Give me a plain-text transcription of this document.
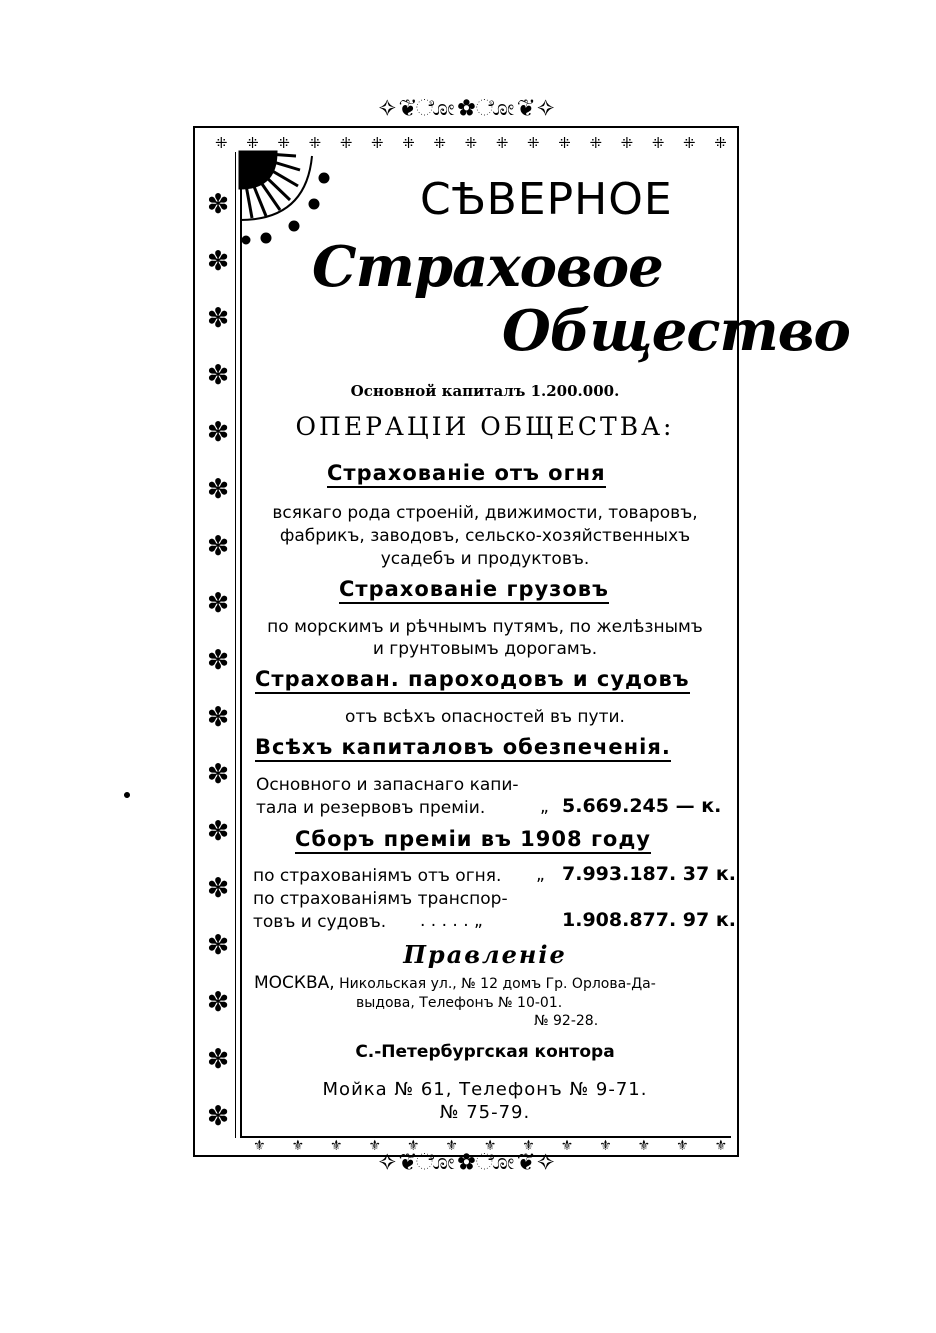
✧❦ೋ✿ೋ❦✧
⁜ ⁜ ⁜ ⁜ ⁜ ⁜ ⁜ ⁜ ⁜ ⁜ ⁜ ⁜ ⁜ ⁜ ⁜ ⁜ ⁜
✽
✽
✽
✽
✽
✽
✽
✽
✽
✽
✽
✽
✽
✽
✽
✽
✽
⚜ ⚜ ⚜ ⚜ ⚜ ⚜ ⚜ ⚜ ⚜ ⚜ ⚜ ⚜ ⚜
СѢВЕРНОЕ
Страховое
Общество
Основной капиталъ 1.200.000.
ОПЕРАЦІИ ОБЩЕСТВА:
Страхованіе отъ огня
всякаго рода строеній, движимости, товаровъ,
фабрикъ, заводовъ, сельско-хозяйственныхъ
усадебъ и продуктовъ.
Страхованіе грузовъ
по морскимъ и рѣчнымъ путямъ, по желѣзнымъ
и грунтовымъ дорогамъ.
Страхован. пароходовъ и судовъ
отъ всѣхъ опасностей въ пути.
Всѣхъ капиталовъ обезпеченія.
Основного и запаснаго капи-
тала и резервовъ преміи.	„ 5.669.245 — к.
Сборъ преміи въ 1908 году
по страхованіямъ отъ огня. „ 7.993.187. 37 к.
по страхованіямъ транспор-
товъ и судовъ. . . . . . „	1.908.877. 97 к.
Правленіе
МОСКВА, Никольская ул., № 12 домъ Гр. Орлова-Да-
выдова, Телефонъ № 10-01.
№ 92-28.
С.-Петербургская контора
Мойка № 61, Телефонъ № 9-71.
№ 75-79.
✧❦ೋ✿ೋ❦✧
